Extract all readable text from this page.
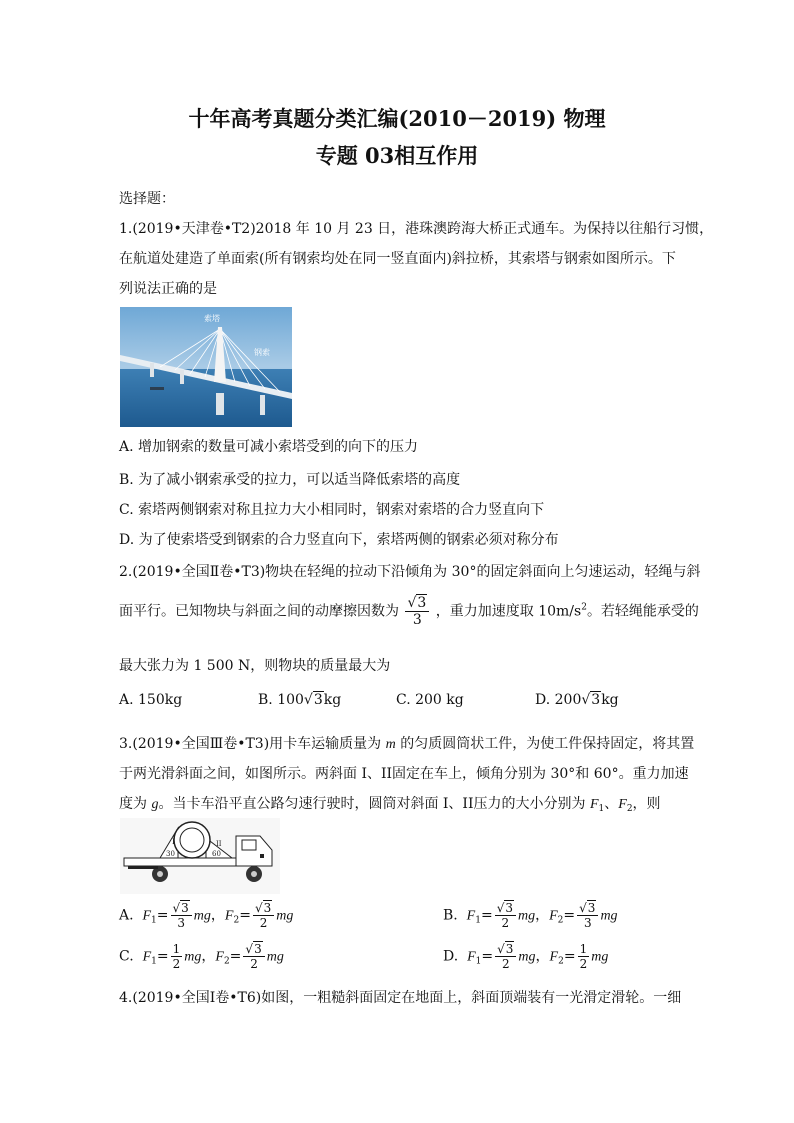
十年高考真题分类汇编(2010－2019) 物理
专题 03相互作用
选择题：
1.(2019•天津卷•T2)2018 年 10 月 23 日，港珠澳跨海大桥正式通车。为保持以往船行习惯，
在航道处建造了单面索(所有钢索均处在同一竖直面内)斜拉桥，其索塔与钢索如图所示。下
列说法正确的是
索塔
钢索
A. 增加钢索的数量可减小索塔受到的向下的压力
B. 为了减小钢索承受的拉力，可以适当降低索塔的高度
C. 索塔两侧钢索对称且拉力大小相同时，钢索对索塔的合力竖直向下
D. 为了使索塔受到钢索的合力竖直向下，索塔两侧的钢索必须对称分布
2.(2019•全国Ⅱ卷•T3)物块在轻绳的拉动下沿倾角为 30°的固定斜面向上匀速运动，轻绳与斜
面平行。已知物块与斜面之间的动摩擦因数为 $\frac{√3}{3}$ ，重力加速度取 $10m/s^2$。若轻绳能承受的
最大张力为 1 500 N，则物块的质量最大为
A. 150kg	B. 100√3kg	C. 200 kg	D. 200√3kg
3.(2019•全国Ⅲ卷•T3)用卡车运输质量为 m 的匀质圆筒状工件，为使工件保持固定，将其置
于两光滑斜面之间，如图所示。两斜面 I、II固定在车上，倾角分别为 30°和 60°。重力加速
度为 g。当卡车沿平直公路匀速行驶时，圆筒对斜面 I、II压力的大小分别为 $F_1$、$F_2$，则
I	II
30	60
A. $F_1= \frac{√3}{3}$ mg，$F_2= \frac{√3}{2}$ mg	B. $F_1= \frac{√3}{2}$ mg，$F_2= \frac{√3}{3}$ mg
C. $F_1= \frac{1}{2}$ mg，$F_2= \frac{√3}{2}$ mg	D. $F_1= \frac{√3}{2}$ mg，$F_2= \frac{1}{2}$ mg
4.(2019•全国Ⅰ卷•T6)如图，一粗糙斜面固定在地面上，斜面顶端装有一光滑定滑轮。一细
